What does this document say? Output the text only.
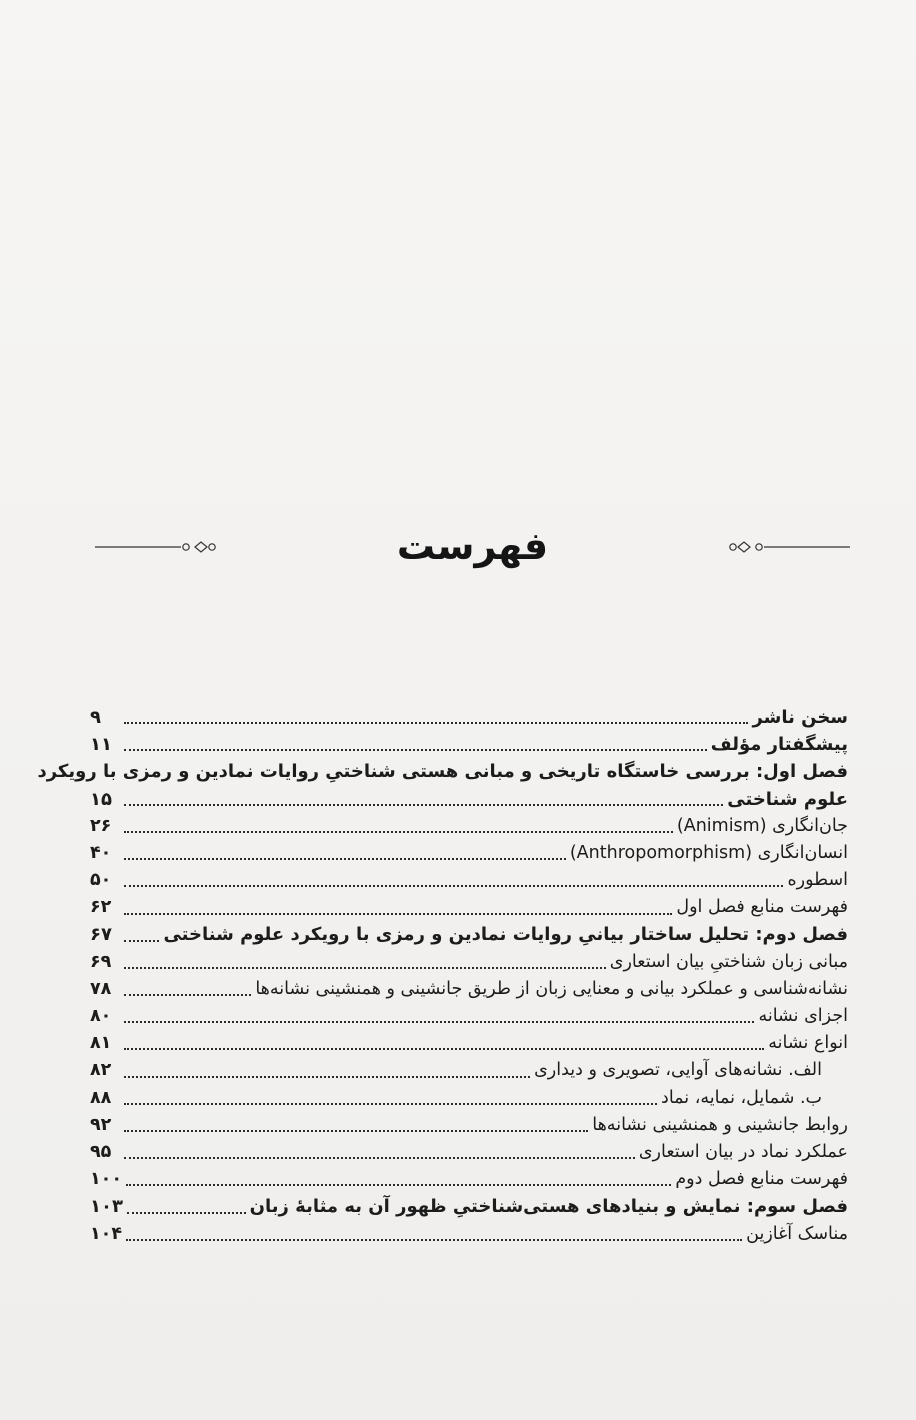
فهرست
سخن ناشر
۹
پیشگفتار مؤلف
۱۱
فصل اول: بررسی خاستگاه تاریخی و مبانی هستی شناختیِ روایات نمادین و رمزی با رویکرد
علوم شناختی
۱۵
جان‌انگاری (Animism)
۲۶
انسان‌انگاری (Anthropomorphism)
۴۰
اسطوره
۵۰
فهرست منابع فصل اول
۶۲
فصل دوم: تحلیل ساختار بیانیِ روایات نمادین و رمزی با رویکرد علوم شناختی
۶۷
مبانی زبان شناختیِ بیان استعاری
۶۹
نشانه‌شناسی و عملکرد بیانی و معنایی زبان از طریق جانشینی و همنشینی نشانه‌ها
۷۸
اجزای نشانه
۸۰
انواع نشانه
۸۱
الف. نشانه‌های آوایی، تصویری و دیداری
۸۲
ب. شمایل، نمایه، نماد
۸۸
روابط جانشینی و همنشینی نشانه‌ها
۹۲
عملکرد نماد در بیان استعاری
۹۵
فهرست منابع فصل دوم
۱۰۰
فصل سوم: نمایش و بنیادهای هستی‌شناختیِ ظهور آن به مثابهٔ زبان
۱۰۳
مناسک آغازین
۱۰۴
